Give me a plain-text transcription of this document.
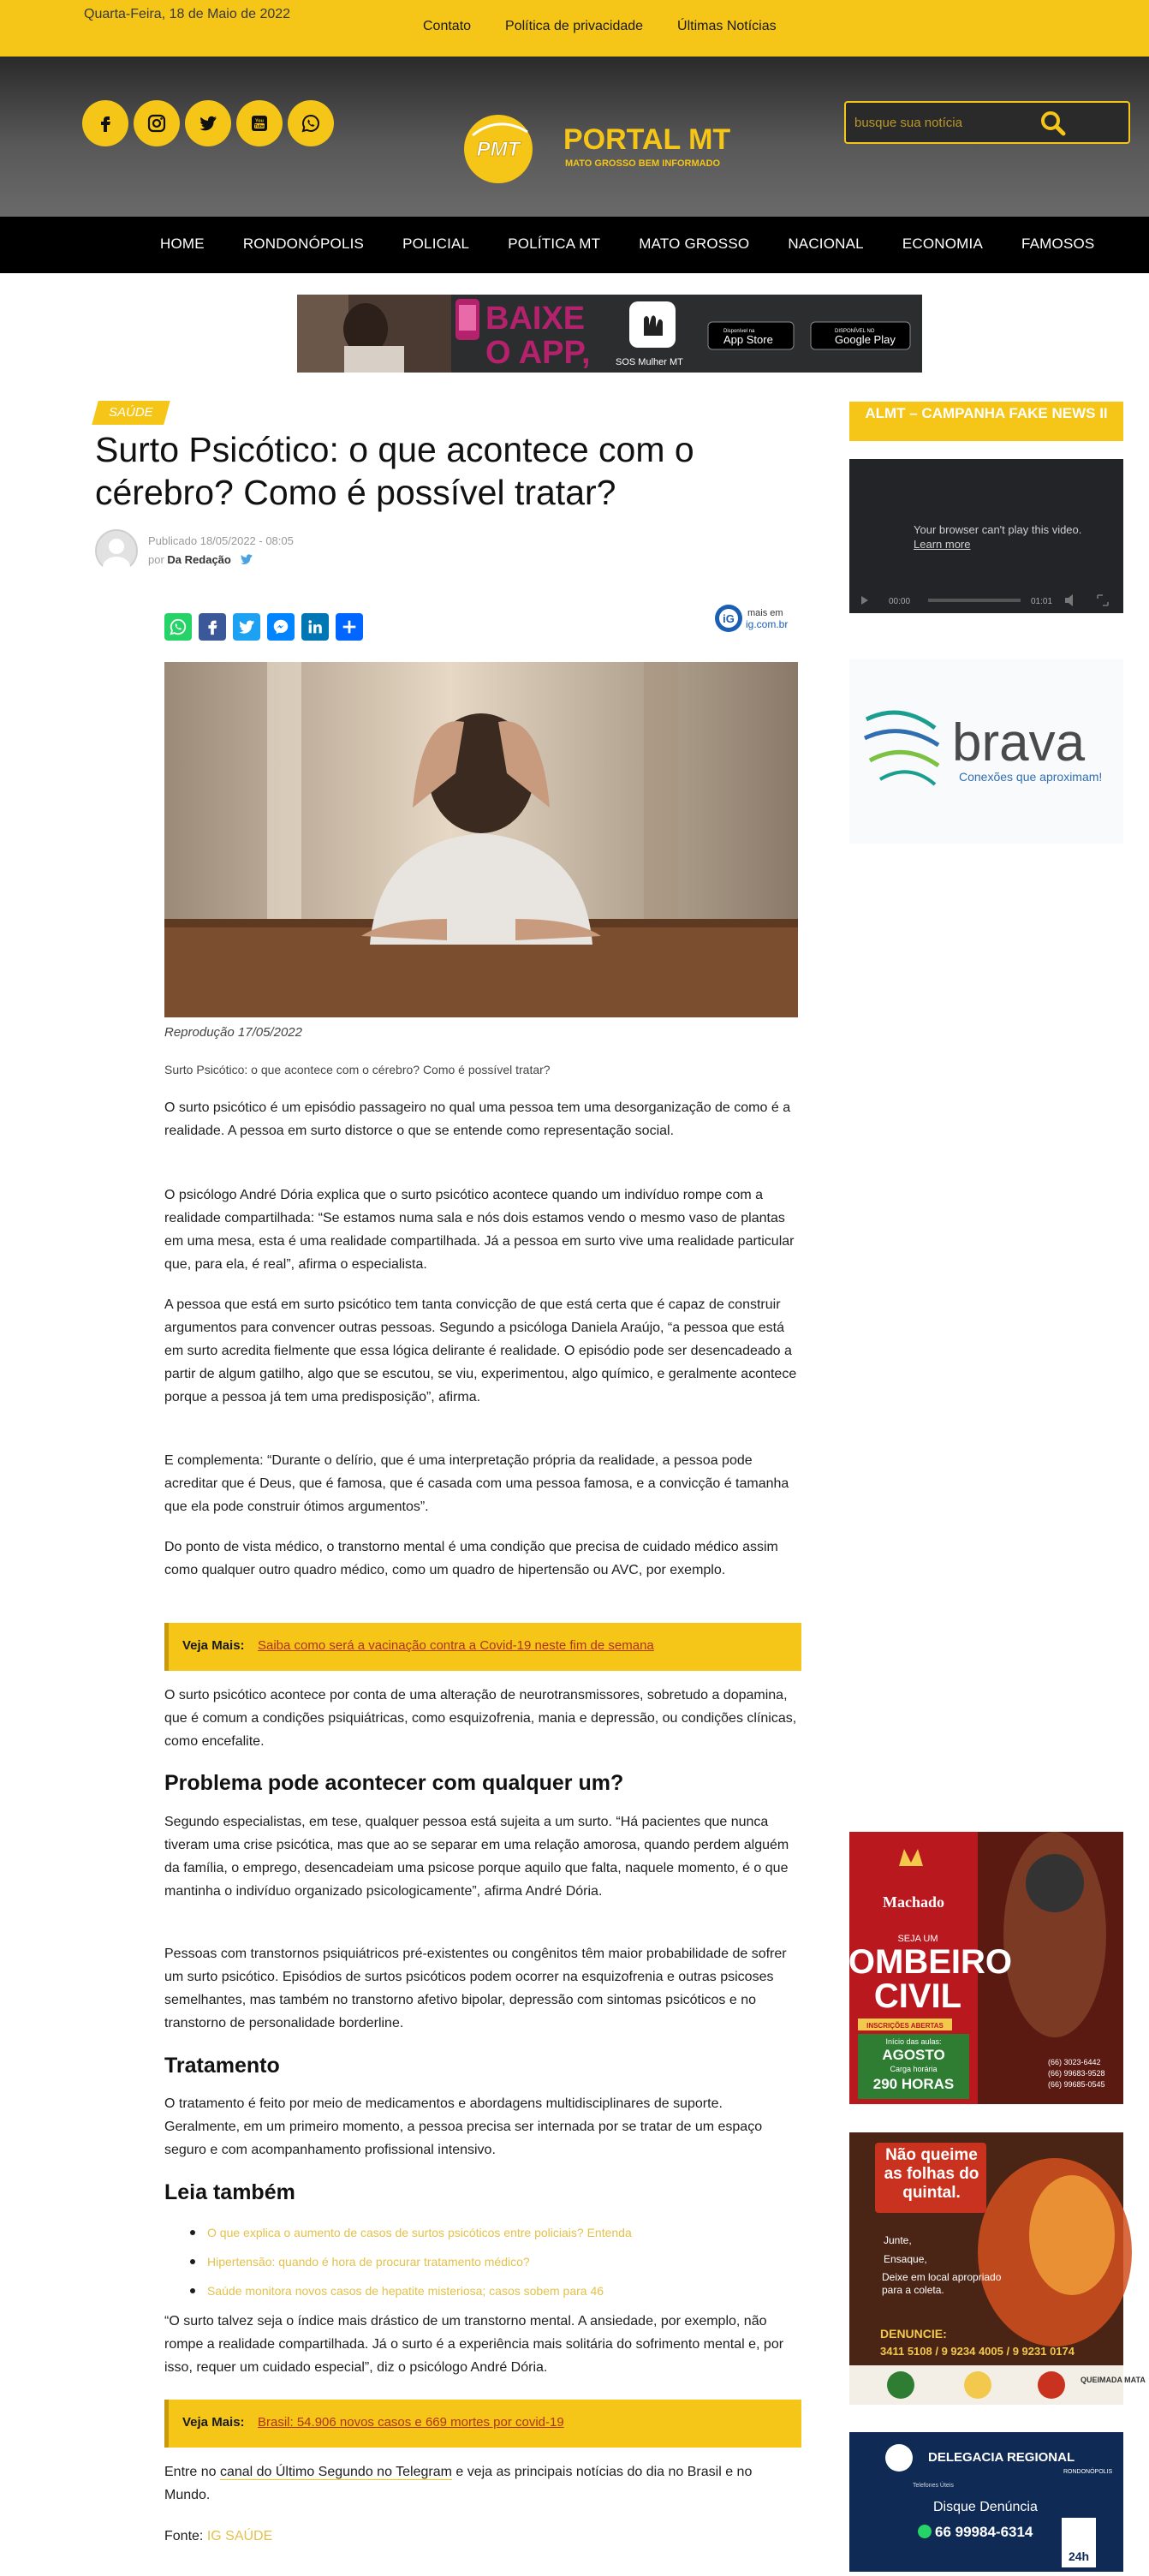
Quarta-Feira, 18 de Maio de 2022
Contato	Política de privacidade	Últimas Notícias
You
Tube
PMT PORTAL MT
MATO GROSSO BEM INFORMADO
busque sua notícia
HOME	RONDONÓPOLIS	POLICIAL	POLÍTICA MT	MATO GROSSO	NACIONAL	ECONOMIA	FAMOSOS
BAIXE
O APP,	SOS Mulher MT
Disponível na
App Store
DISPONÍVEL NO
Google Play
SAÚDE
Surto Psicótico: o que acontece com o cérebro? Como é possível tratar?
Publicado 18/05/2022 - 08:05
por Da Redação
iG mais em
ig.com.br
Reprodução 17/05/2022
Surto Psicótico: o que acontece com o cérebro? Como é possível tratar?
O surto psicótico é um episódio passageiro no qual uma pessoa tem uma desorganização de como é a realidade. A pessoa em surto distorce o que se entende como representação social.
O psicólogo André Dória explica que o surto psicótico acontece quando um indivíduo rompe com a realidade compartilhada: “Se estamos numa sala e nós dois estamos vendo o mesmo vaso de plantas em uma mesa, esta é uma realidade compartilhada. Já a pessoa em surto vive uma realidade particular que, para ela, é real”, afirma o especialista.
A pessoa que está em surto psicótico tem tanta convicção de que está certa que é capaz de construir argumentos para convencer outras pessoas. Segundo a psicóloga Daniela Araújo, “a pessoa que está em surto acredita fielmente que essa lógica delirante é realidade. O episódio pode ser desencadeado a partir de algum gatilho, algo que se escutou, se viu, experimentou, algo químico, e geralmente acontece porque a pessoa já tem uma predisposição”, afirma.
E complementa: “Durante o delírio, que é uma interpretação própria da realidade, a pessoa pode acreditar que é Deus, que é famosa, que é casada com uma pessoa famosa, e a convicção é tamanha que ela pode construir ótimos argumentos”.
Do ponto de vista médico, o transtorno mental é uma condição que precisa de cuidado médico assim como qualquer outro quadro médico, como um quadro de hipertensão ou AVC, por exemplo.
Veja Mais: Saiba como será a vacinação contra a Covid-19 neste fim de semana
O surto psicótico acontece por conta de uma alteração de neurotransmissores, sobretudo a dopamina, que é comum a condições psiquiátricas, como esquizofrenia, mania e depressão, ou condições clínicas, como encefalite.
Problema pode acontecer com qualquer um?
Segundo especialistas, em tese, qualquer pessoa está sujeita a um surto. “Há pacientes que nunca tiveram uma crise psicótica, mas que ao se separar em uma relação amorosa, quando perdem alguém da família, o emprego, desencadeiam uma psicose porque aquilo que falta, naquele momento, é o que mantinha o indivíduo organizado psicologicamente”, afirma André Dória.
Pessoas com transtornos psiquiátricos pré-existentes ou congênitos têm maior probabilidade de sofrer um surto psicótico. Episódios de surtos psicóticos podem ocorrer na esquizofrenia e outras psicoses semelhantes, mas também no transtorno afetivo bipolar, depressão com sintomas psicóticos e no transtorno de personalidade borderline.
Tratamento
O tratamento é feito por meio de medicamentos e abordagens multidisciplinares de suporte. Geralmente, em um primeiro momento, a pessoa precisa ser internada por se tratar de um espaço seguro e com acompanhamento profissional intensivo.
Leia também
O que explica o aumento de casos de surtos psicóticos entre policiais? Entenda
Hipertensão: quando é hora de procurar tratamento médico?
Saúde monitora novos casos de hepatite misteriosa; casos sobem para 46
“O surto talvez seja o índice mais drástico de um transtorno mental. A ansiedade, por exemplo, não rompe a realidade compartilhada. Já o surto é a experiência mais solitária do sofrimento mental e, por isso, requer um cuidado especial”, diz o psicólogo André Dória.
Veja Mais: Brasil: 54.906 novos casos e 669 mortes por covid-19
Entre no canal do Último Segundo no Telegram e veja as principais notícias do dia no Brasil e no Mundo.
Fonte: IG SAÚDE
ALMT – CAMPANHA FAKE NEWS II
Your browser can't play this video.
Learn more
00:00	01:01
brava
Conexões que aproximam!
Machado
SEJA UM
BOMBEIRO
CIVIL
INSCRIÇÕES ABERTAS
Início das aulas:
AGOSTO
Carga horária
290 HORAS
(66) 3023-6442
(66) 99683-9528
(66) 99685-0545
Não queime as folhas do quintal.
Junte,
Ensaque,
Deixe em local apropriado para a coleta.
DENUNCIE:
3411 5108 / 9 9234 4005 / 9 9231 0174
QUEIMADA MATA
DELEGACIA REGIONAL
RONDONÓPOLIS
Telefones Úteis
Disque Denúncia
66 99984-6314
24h
